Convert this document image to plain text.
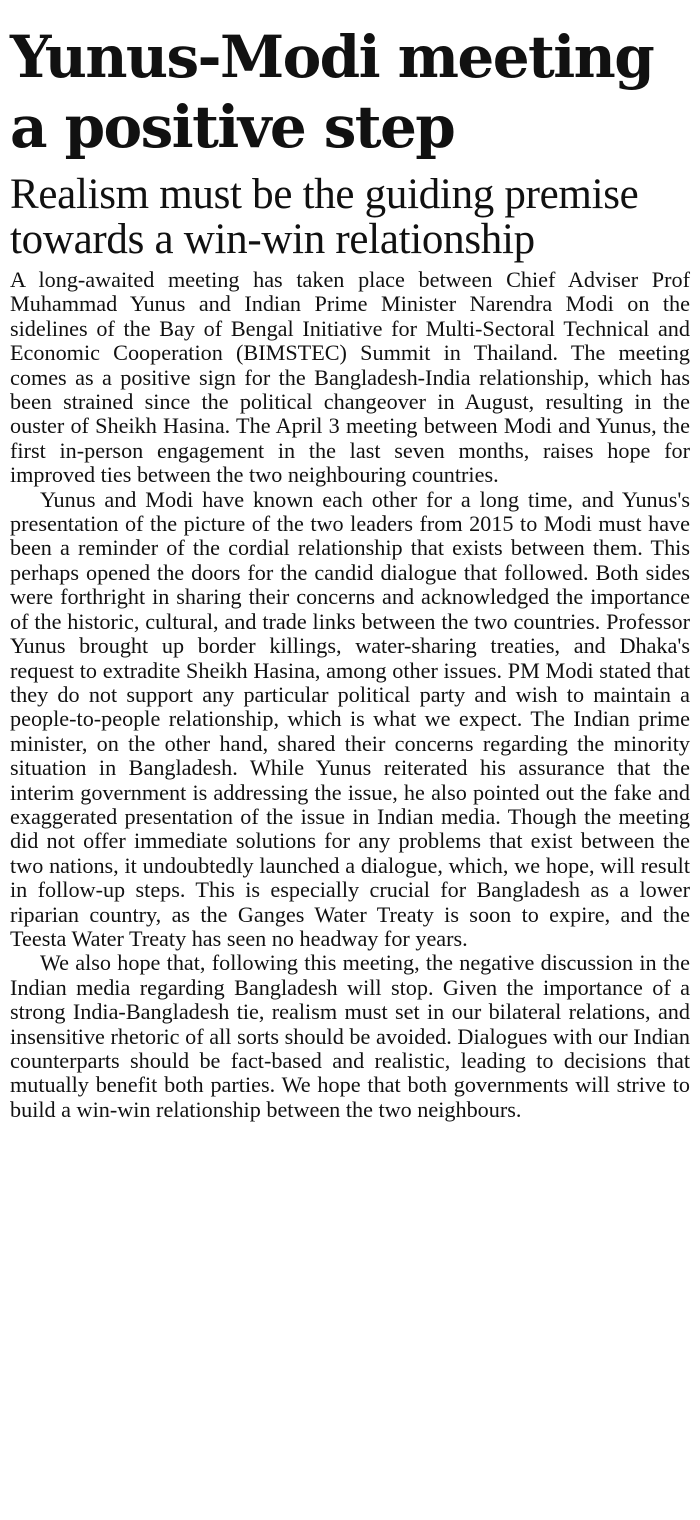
Yunus-Modi meeting a positive step
Realism must be the guiding premise towards a win-win relationship

A long-awaited meeting has taken place between Chief Adviser Prof Muhammad Yunus and Indian Prime Minister Narendra Modi on the sidelines of the Bay of Bengal Initiative for Multi-Sectoral Technical and Economic Cooperation (BIMSTEC) Summit in Thailand. The meeting comes as a positive sign for the Bangladesh-India relationship, which has been strained since the political changeover in August, resulting in the ouster of Sheikh Hasina. The April 3 meeting between Modi and Yunus, the first in-person engagement in the last seven months, raises hope for improved ties between the two neighbouring countries.

Yunus and Modi have known each other for a long time, and Yunus's presentation of the picture of the two leaders from 2015 to Modi must have been a reminder of the cordial relationship that exists between them. This perhaps opened the doors for the candid dialogue that followed. Both sides were forthright in sharing their concerns and acknowledged the importance of the historic, cultural, and trade links between the two countries. Professor Yunus brought up border killings, water-sharing treaties, and Dhaka's request to extradite Sheikh Hasina, among other issues. PM Modi stated that they do not support any particular political party and wish to maintain a people-to-people relationship, which is what we expect. The Indian prime minister, on the other hand, shared their concerns regarding the minority situation in Bangladesh. While Yunus reiterated his assurance that the interim government is addressing the issue, he also pointed out the fake and exaggerated presentation of the issue in Indian media. Though the meeting did not offer immediate solutions for any problems that exist between the two nations, it undoubtedly launched a dialogue, which, we hope, will result in follow-up steps. This is especially crucial for Bangladesh as a lower riparian country, as the Ganges Water Treaty is soon to expire, and the Teesta Water Treaty has seen no headway for years.

We also hope that, following this meeting, the negative discussion in the Indian media regarding Bangladesh will stop. Given the importance of a strong India-Bangladesh tie, realism must set in our bilateral relations, and insensitive rhetoric of all sorts should be avoided. Dialogues with our Indian counterparts should be fact-based and realistic, leading to decisions that mutually benefit both parties. We hope that both governments will strive to build a win-win relationship between the two neighbours.
